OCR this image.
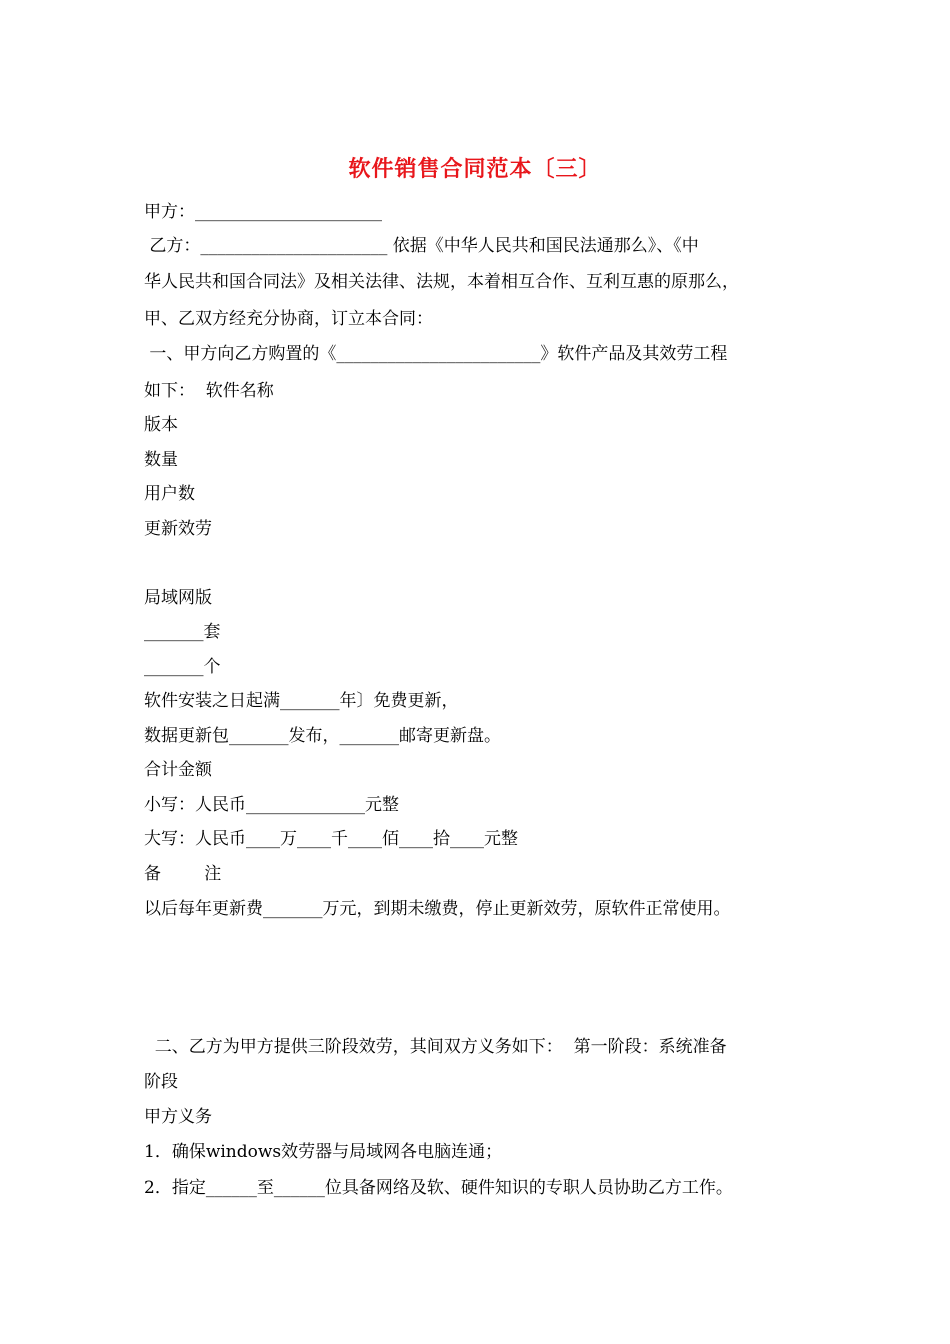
软件销售合同范本〔三〕
甲方：______________________
乙方：______________________ 依据《中华人民共和国民法通那么》、《中
华人民共和国合同法》及相关法律、法规，本着相互合作、互利互惠的原那么，
甲、乙双方经充分协商，订立本合同：
一、甲方向乙方购置的《________________________》软件产品及其效劳工程
如下：  软件名称
版本
数量
用户数
更新效劳
局域网版
_______套
_______个
软件安装之日起满_______年〕免费更新，
数据更新包_______发布，_______邮寄更新盘。
合计金额
小写：人民币______________元整
大写：人民币____万____千____佰____拾____元整
备        注
以后每年更新费_______万元，到期未缴费，停止更新效劳，原软件正常使用。
二、乙方为甲方提供三阶段效劳，其间双方义务如下：  第一阶段：系统准备
阶段
甲方义务
1．确保windows效劳器与局域网各电脑连通；
2．指定______至______位具备网络及软、硬件知识的专职人员协助乙方工作。
